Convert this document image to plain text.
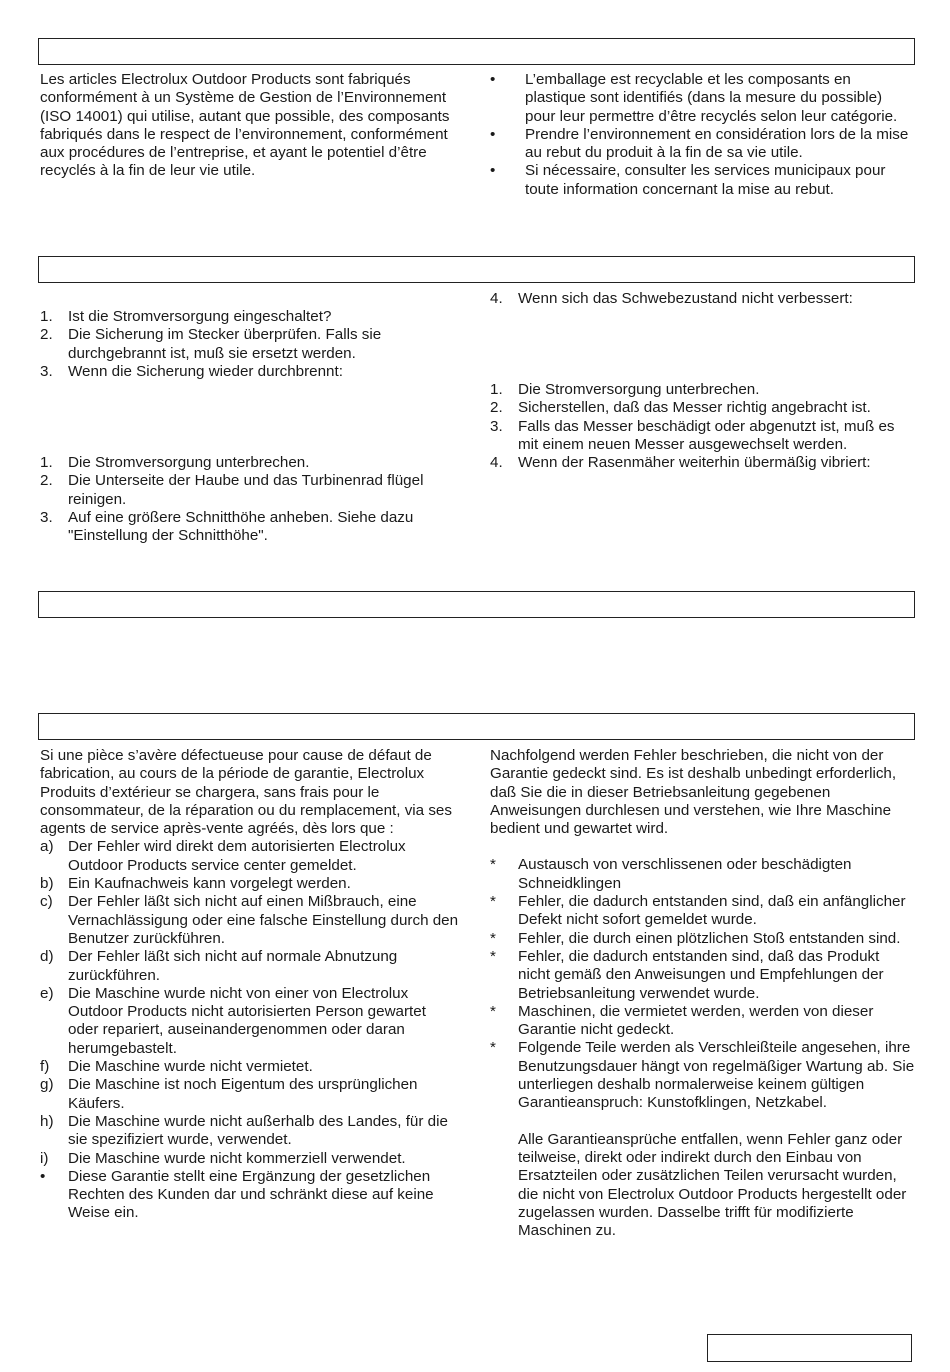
Les articles Electrolux Outdoor Products sont fabriqués conformément à un Système de Gestion de l’Environnement (ISO 14001) qui utilise, autant que possible, des composants fabriqués dans le respect de l’environnement, conformément aux procédures de l’entreprise, et ayant le potentiel d’être recyclés à la fin de leur vie utile.

•	L’emballage est recyclable et les composants en plastique sont identifiés (dans la mesure du possible) pour leur permettre d’être recyclés selon leur catégorie.
•	Prendre l’environnement en considération lors de la mise au rebut du produit à la fin de sa vie utile.
•	Si nécessaire, consulter les services municipaux pour toute information concernant la mise au rebut.
1.	Ist die Stromversorgung eingeschaltet?
2.	Die Sicherung im Stecker überprüfen. Falls sie durchgebrannt ist, muß sie ersetzt werden.
3.	Wenn die Sicherung wieder durchbrennt:
1.	Die Stromversorgung unterbrechen.
2.	Die Unterseite der Haube und das Turbinenrad flügel reinigen.
3.	Auf eine größere Schnitthöhe anheben. Siehe dazu "Einstellung der Schnitthöhe".
4.	Wenn sich das Schwebezustand nicht verbessert:
1.	Die Stromversorgung unterbrechen.
2.	Sicherstellen, daß das Messer richtig angebracht ist.
3.	Falls das Messer beschädigt oder abgenutzt ist, muß es mit einem neuen Messer ausgewechselt werden.
4.	Wenn der Rasenmäher weiterhin übermäßig vibriert:

Si une pièce s’avère défectueuse pour cause de défaut de fabrication, au cours de la période de garantie, Electrolux Produits d’extérieur se chargera, sans frais pour le consommateur, de la réparation ou du remplacement, via ses agents de service après-vente agréés, dès lors que :

a) Der Fehler wird direkt dem autorisierten Electrolux Outdoor Products service center gemeldet.
b) Ein Kaufnachweis kann vorgelegt werden.
c)	Der Fehler läßt sich nicht auf einen Mißbrauch, eine Vernachlässigung oder eine falsche Einstellung durch den Benutzer zurückführen.
d) Der Fehler läßt sich nicht auf normale Abnutzung zurückführen.
e) Die Maschine wurde nicht von einer von Electrolux Outdoor Products nicht autorisierten Person gewartet oder repariert, auseinandergenommen oder daran herumgebastelt.
f)	Die Maschine wurde nicht vermietet.
g) Die Maschine ist noch Eigentum des ursprünglichen Käufers.
h) Die Maschine wurde nicht außerhalb des Landes, für die sie spezifiziert wurde, verwendet.
i)	Die Maschine wurde nicht kommerziell verwendet.
•	Diese Garantie stellt eine Ergänzung der gesetzlichen Rechten des Kunden dar und schränkt diese auf keine Weise ein.

Nachfolgend werden Fehler beschrieben, die nicht von der Garantie gedeckt sind. Es ist deshalb unbedingt erforderlich, daß Sie die in dieser Betriebsanleitung gegebenen Anweisungen durchlesen und verstehen, wie Ihre Maschine bedient und gewartet wird.

*	Austausch von verschlissenen oder beschädigten Schneidklingen
*	Fehler, die dadurch entstanden sind, daß ein anfänglicher Defekt nicht sofort gemeldet wurde.
*	Fehler, die durch einen plötzlichen Stoß entstanden sind.
*	Fehler, die dadurch entstanden sind, daß das Produkt nicht gemäß den Anweisungen und Empfehlungen der Betriebsanleitung verwendet wurde.
*	Maschinen, die vermietet werden, werden von dieser Garantie nicht gedeckt.
*	Folgende Teile werden als Verschleißteile angesehen, ihre Benutzungsdauer hängt von regelmäßiger Wartung ab. Sie unterliegen deshalb normalerweise keinem gültigen Garantieanspruch: Kunstofklingen, Netzkabel.

Alle Garantieansprüche entfallen, wenn Fehler ganz oder teilweise, direkt oder indirekt durch den Einbau von Ersatzteilen oder zusätzlichen Teilen verursacht wurden, die nicht von Electrolux Outdoor Products hergestellt oder zugelassen wurden. Dasselbe trifft für modifizierte Maschinen zu.
